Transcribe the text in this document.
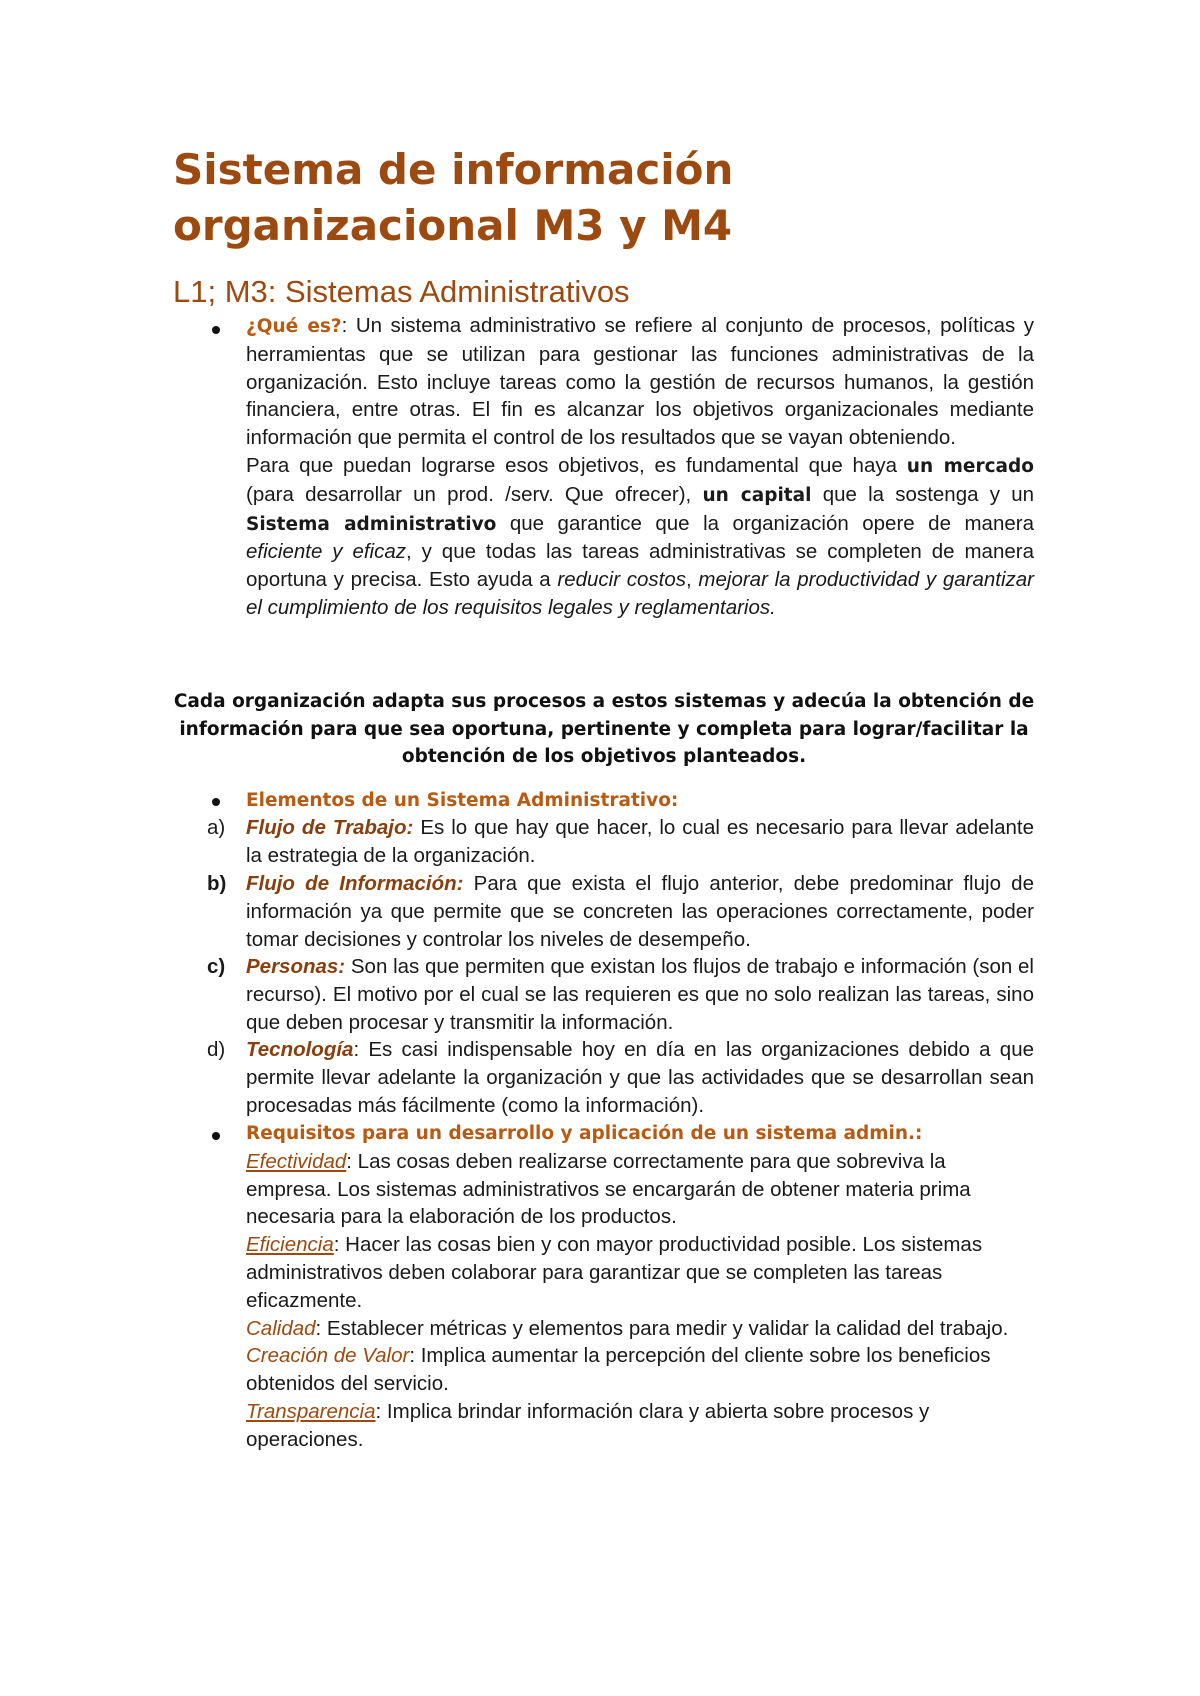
Sistema de información
organizacional M3 y M4
L1; M3: Sistemas Administrativos

¿Qué es?: Un sistema administrativo se refiere al conjunto de procesos, políticas y herramientas que se utilizan para gestionar las funciones administrativas de la organización. Esto incluye tareas como la gestión de recursos humanos, la gestión financiera, entre otras. El fin es alcanzar los objetivos organizacionales mediante información que permita el control de los resultados que se vayan obteniendo.

Para que puedan lograrse esos objetivos, es fundamental que haya un mercado (para desarrollar un prod. /serv. Que ofrecer), un capital que la sostenga y un Sistema administrativo que garantice que la organización opere de manera eficiente y eficaz, y que todas las tareas administrativas se completen de manera oportuna y precisa. Esto ayuda a reducir costos, mejorar la productividad y garantizar el cumplimiento de los requisitos legales y reglamentarios.

Cada organización adapta sus procesos a estos sistemas y adecúa la obtención de información para que sea oportuna, pertinente y completa para lograr/facilitar la obtención de los objetivos planteados.
Elementos de un Sistema Administrativo:
a) Flujo de Trabajo: Es lo que hay que hacer, lo cual es necesario para llevar adelante la estrategia de la organización.
b) Flujo de Información: Para que exista el flujo anterior, debe predominar flujo de información ya que permite que se concreten las operaciones correctamente, poder tomar decisiones y controlar los niveles de desempeño.
c) Personas: Son las que permiten que existan los flujos de trabajo e información (son el recurso). El motivo por el cual se las requieren es que no solo realizan las tareas, sino que deben procesar y transmitir la información.
d) Tecnología: Es casi indispensable hoy en día en las organizaciones debido a que permite llevar adelante la organización y que las actividades que se desarrollan sean procesadas más fácilmente (como la información).

Requisitos para un desarrollo y aplicación de un sistema admin.:

Efectividad: Las cosas deben realizarse correctamente para que sobreviva la empresa. Los sistemas administrativos se encargarán de obtener materia prima necesaria para la elaboración de los productos.

Eficiencia: Hacer las cosas bien y con mayor productividad posible. Los sistemas administrativos deben colaborar para garantizar que se completen las tareas eficazmente.

Calidad: Establecer métricas y elementos para medir y validar la calidad del trabajo.

Creación de Valor: Implica aumentar la percepción del cliente sobre los beneficios obtenidos del servicio.

Transparencia: Implica brindar información clara y abierta sobre procesos y operaciones.
